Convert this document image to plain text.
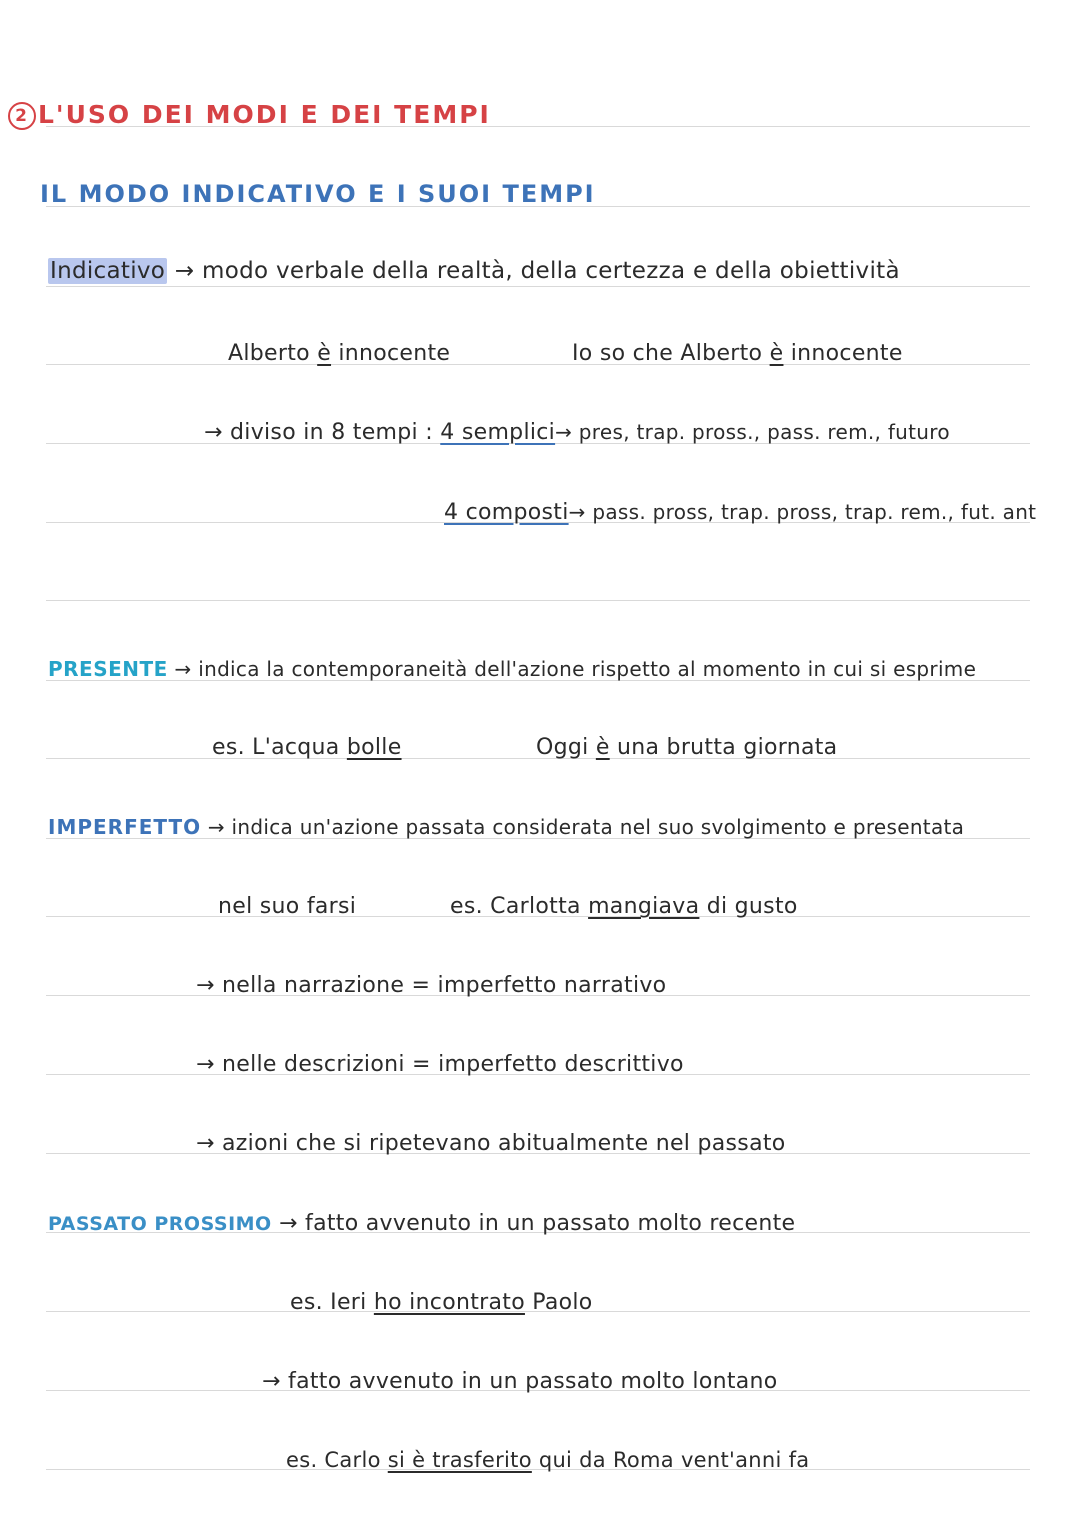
2 L'USO DEI MODI E DEI TEMPI
IL MODO INDICATIVO E I SUOI TEMPI
Indicativo → modo verbale della realtà, della certezza e della obiettività
Alberto è innocente	Io so che Alberto è innocente
→ diviso in 8 tempi : 4 semplici→ pres, trap. pross., pass. rem., futuro
4 composti→ pass. pross, trap. pross, trap. rem., fut. ant
PRESENTE → indica la contemporaneità dell'azione rispetto al momento in cui si esprime
es. L'acqua bolle	Oggi è una brutta giornata
IMPERFETTO → indica un'azione passata considerata nel suo svolgimento e presentata
nel suo farsi	es. Carlotta mangiava di gusto
→ nella narrazione = imperfetto narrativo
→ nelle descrizioni = imperfetto descrittivo
→ azioni che si ripetevano abitualmente nel passato
PASSATO PROSSIMO → fatto avvenuto in un passato molto recente
es. Ieri ho incontrato Paolo
→ fatto avvenuto in un passato molto lontano
es. Carlo si è trasferito qui da Roma vent'anni fa
